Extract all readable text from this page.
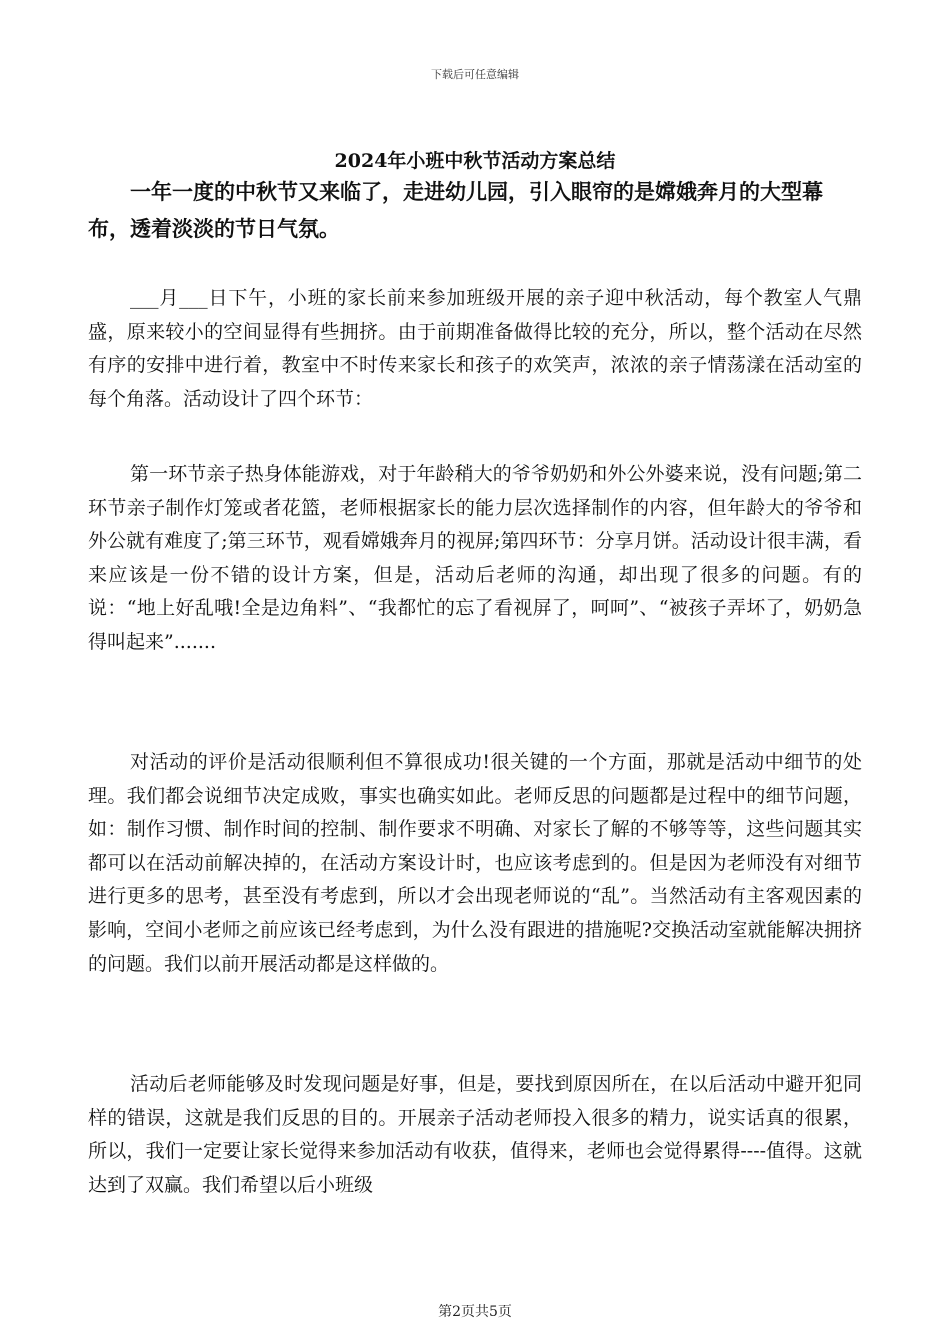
下载后可任意编辑
2024年小班中秋节活动方案总结

一年一度的中秋节又来临了，走进幼儿园，引入眼帘的是嫦娥奔月的大型幕布，透着淡淡的节日气氛。

___月___日下午，小班的家长前来参加班级开展的亲子迎中秋活动，每个教室人气鼎盛，原来较小的空间显得有些拥挤。由于前期准备做得比较的充分，所以，整个活动在尽然有序的安排中进行着，教室中不时传来家长和孩子的欢笑声，浓浓的亲子情荡漾在活动室的每个角落。活动设计了四个环节：

第一环节亲子热身体能游戏，对于年龄稍大的爷爷奶奶和外公外婆来说，没有问题;第二环节亲子制作灯笼或者花篮，老师根据家长的能力层次选择制作的内容，但年龄大的爷爷和外公就有难度了;第三环节，观看嫦娥奔月的视屏;第四环节：分享月饼。活动设计很丰满，看来应该是一份不错的设计方案，但是，活动后老师的沟通，却出现了很多的问题。有的说：“地上好乱哦!全是边角料”、“我都忙的忘了看视屏了，呵呵”、“被孩子弄坏了，奶奶急得叫起来”.......

对活动的评价是活动很顺利但不算很成功!很关键的一个方面，那就是活动中细节的处理。我们都会说细节决定成败，事实也确实如此。老师反思的问题都是过程中的细节问题，如：制作习惯、制作时间的控制、制作要求不明确、对家长了解的不够等等，这些问题其实都可以在活动前解决掉的，在活动方案设计时，也应该考虑到的。但是因为老师没有对细节进行更多的思考，甚至没有考虑到，所以才会出现老师说的“乱”。当然活动有主客观因素的影响，空间小老师之前应该已经考虑到，为什么没有跟进的措施呢?交换活动室就能解决拥挤的问题。我们以前开展活动都是这样做的。

活动后老师能够及时发现问题是好事，但是，要找到原因所在，在以后活动中避开犯同样的错误，这就是我们反思的目的。开展亲子活动老师投入很多的精力，说实话真的很累，所以，我们一定要让家长觉得来参加活动有收获，值得来，老师也会觉得累得----值得。这就达到了双赢。我们希望以后小班级

第2页共5页
